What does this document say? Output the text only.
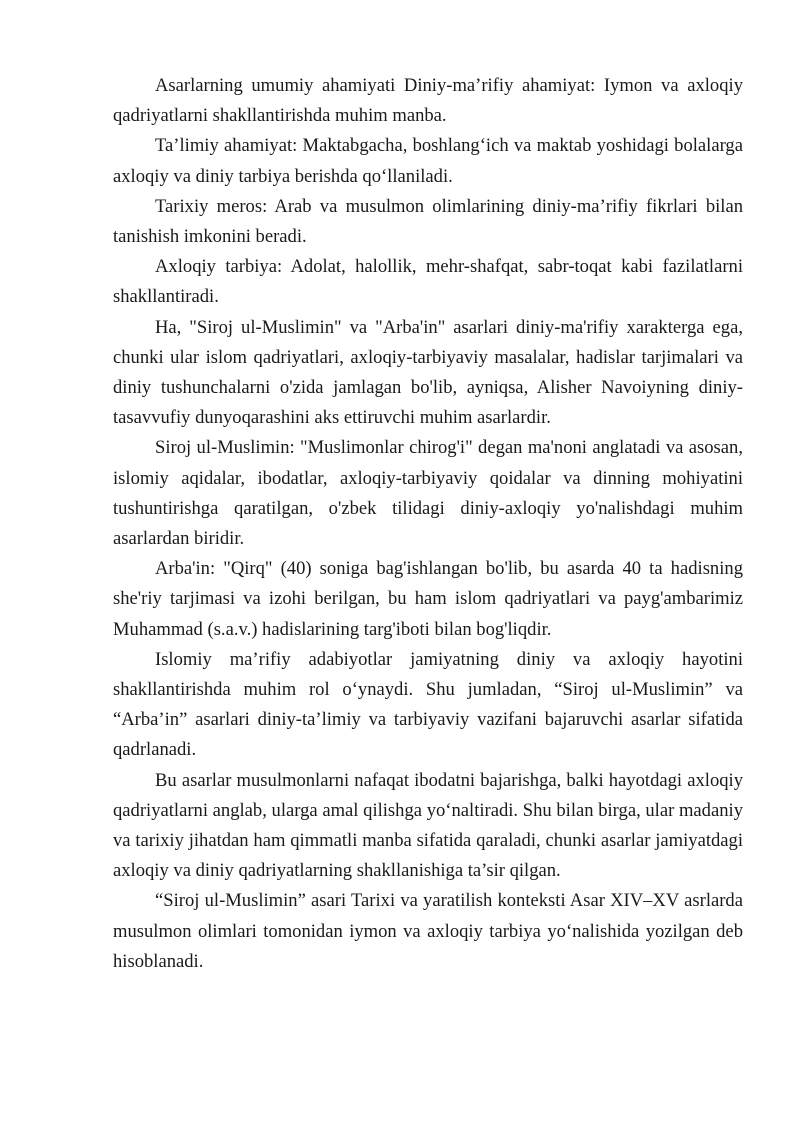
Asarlarning umumiy ahamiyati Diniy-ma’rifiy ahamiyat: Iymon va axloqiy qadriyatlarni shakllantirishda muhim manba.

Ta’limiy ahamiyat: Maktabgacha, boshlang‘ich va maktab yoshidagi bolalarga axloqiy va diniy tarbiya berishda qo‘llaniladi.

Tarixiy meros: Arab va musulmon olimlarining diniy-ma’rifiy fikrlari bilan tanishish imkonini beradi.

Axloqiy tarbiya: Adolat, halollik, mehr-shafqat, sabr-toqat kabi fazilatlarni shakllantiradi.

Ha, "Siroj ul-Muslimin" va "Arba'in" asarlari diniy-ma'rifiy xarakterga ega, chunki ular islom qadriyatlari, axloqiy-tarbiyaviy masalalar, hadislar tarjimalari va diniy tushunchalarni o'zida jamlagan bo'lib, ayniqsa, Alisher Navoiyning diniy-tasavvufiy dunyoqarashini aks ettiruvchi muhim asarlardir.

Siroj ul-Muslimin: "Muslimonlar chirog'i" degan ma'noni anglatadi va asosan, islomiy aqidalar, ibodatlar, axloqiy-tarbiyaviy qoidalar va dinning mohiyatini tushuntirishga qaratilgan, o'zbek tilidagi diniy-axloqiy yo'nalishdagi muhim asarlardan biridir.

Arba'in: "Qirq" (40) soniga bag'ishlangan bo'lib, bu asarda 40 ta hadisning she'riy tarjimasi va izohi berilgan, bu ham islom qadriyatlari va payg'ambarimiz Muhammad (s.a.v.) hadislarining targ'iboti bilan bog'liqdir.

Islomiy ma’rifiy adabiyotlar jamiyatning diniy va axloqiy hayotini shakllantirishda muhim rol o‘ynaydi. Shu jumladan, “Siroj ul-Muslimin” va “Arba’in” asarlari diniy-ta’limiy va tarbiyaviy vazifani bajaruvchi asarlar sifatida qadrlanadi.

Bu asarlar musulmonlarni nafaqat ibodatni bajarishga, balki hayotdagi axloqiy qadriyatlarni anglab, ularga amal qilishga yo‘naltiradi. Shu bilan birga, ular madaniy va tarixiy jihatdan ham qimmatli manba sifatida qaraladi, chunki asarlar jamiyatdagi axloqiy va diniy qadriyatlarning shakllanishiga ta’sir qilgan.

“Siroj ul-Muslimin” asari Tarixi va yaratilish konteksti Asar XIV–XV asrlarda musulmon olimlari tomonidan iymon va axloqiy tarbiya yo‘nalishida yozilgan deb hisoblanadi.
